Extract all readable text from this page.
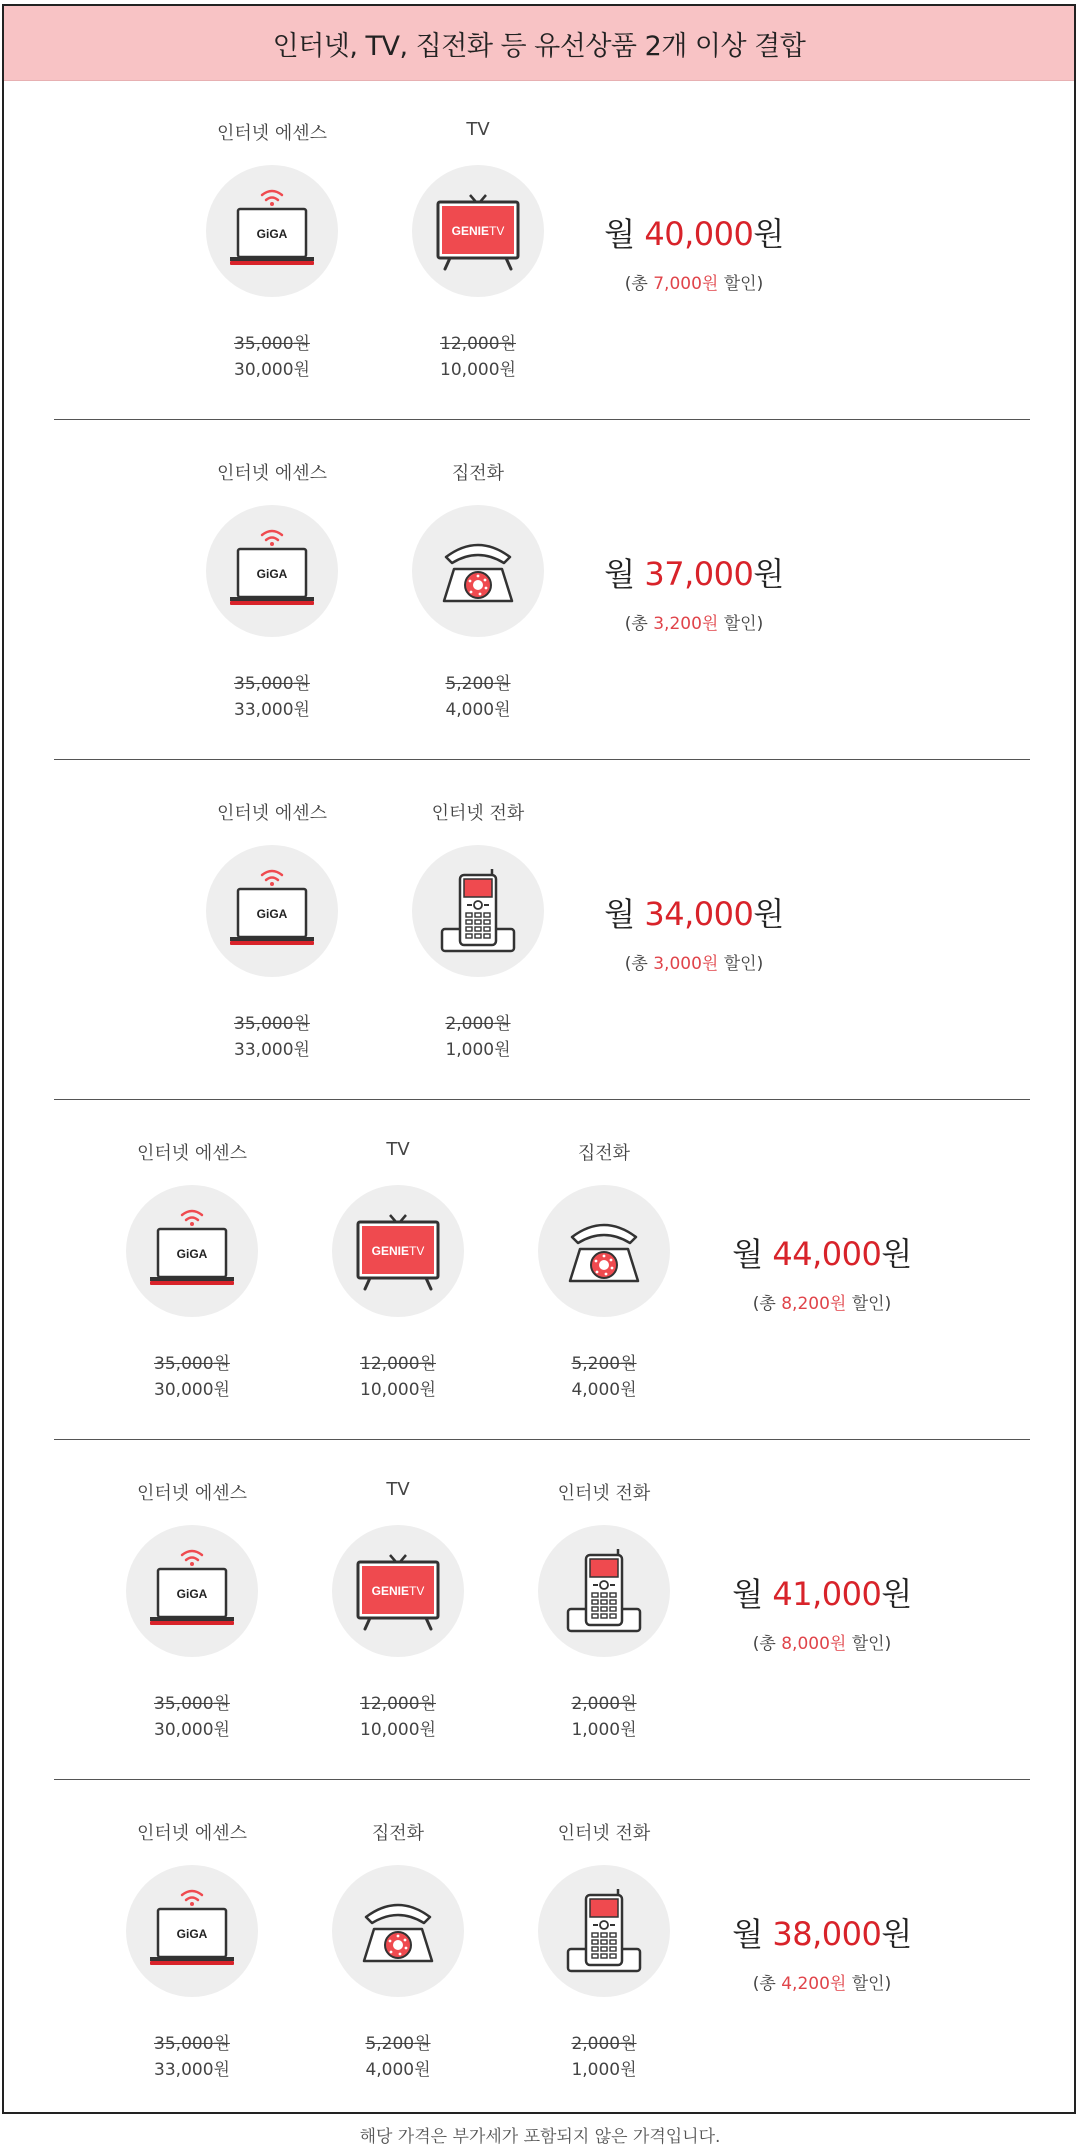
인터넷, TV, 집전화 등 유선상품 2개 이상 결합
인터넷 에센스
GiGA
35,000원
30,000원
TV
GENIETV
12,000원
10,000원
월 40,000원
(총 7,000원 할인)
인터넷 에센스
GiGA
35,000원
33,000원
집전화
5,200원
4,000원
월 37,000원
(총 3,200원 할인)
인터넷 에센스
GiGA
35,000원
33,000원
인터넷 전화
2,000원
1,000원
월 34,000원
(총 3,000원 할인)
인터넷 에센스
GiGA
35,000원
30,000원
TV
GENIETV
12,000원
10,000원
집전화
5,200원
4,000원
월 44,000원
(총 8,200원 할인)
인터넷 에센스
GiGA
35,000원
30,000원
TV
GENIETV
12,000원
10,000원
인터넷 전화
2,000원
1,000원
월 41,000원
(총 8,000원 할인)
인터넷 에센스
GiGA
35,000원
33,000원
집전화
5,200원
4,000원
인터넷 전화
2,000원
1,000원
월 38,000원
(총 4,200원 할인)
해당 가격은 부가세가 포함되지 않은 가격입니다.
